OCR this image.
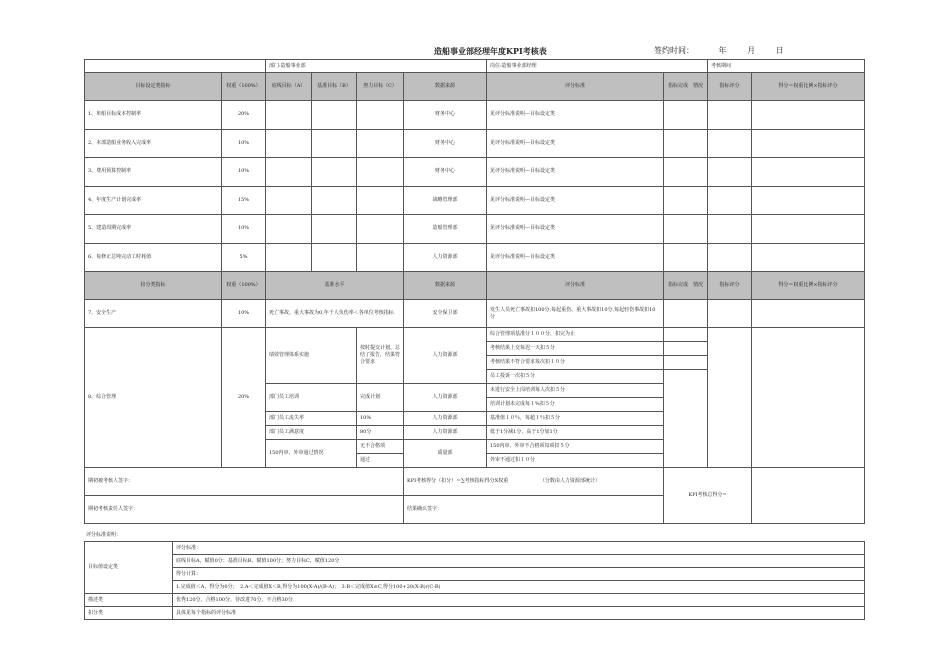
造船事业部经理年度KPI考核表	签约时间：	年	月	日
		部门:造船事业部				岗位:造船事业部经理		考核期间	
目标设定类指标	权重（100%）	底线目标（A）	基准目标（B）	努力目标（C）	数据来源	评分标准	指标完成　情况	指标评分	得分＝权重比例×指标评分
1、单船目标成本控制率	20%				财务中心	见评分标准说明—目标设定类			
2、本部造船业务收入完成率	10%				财务中心	见评分标准说明—目标设定类			
3、费用预算控制率	10%				财务中心	见评分标准说明—目标设定类			
4、年度生产计划完成率	15%				战略管理部	见评分标准说明—目标设定类			
5、建造周期完成率	10%				造船管理部	见评分标准说明—目标设定类			
6、每修正总吨完动工时耗值	5%				人力资源部	见评分标准说明—目标设定类			
扣分类指标	权重（100%）	基准水平			数据来源	评分标准	指标完成　情况	指标评分	得分＝权重比例×指标评分
7、安全生产	10%	死亡事故、重大事故为0,年千人负伤率＜各单位考核指标			安全保卫部	发生人员死亡事故扣100分,每起重伤、重大事故扣10分,每起轻伤事故扣10分			
8、综合管理	20%	绩效管理体系实施		按时提交计划、总结了报告，结果符合要求	人力资源部	综合管理项基准分１００分，扣完为止			
						考核结果上交每迟一天扣５分			
						考核结果不符合要求每次扣１０分			
						员工投诉一次扣５分			
		部门员工培训		完成计划	人力资源部	未进行安全上岗培训每人次扣５分			
						培训计划未完成每１%扣５分			
		部门员工流失率		10%	人力资源部	基准值１０％，每超１％扣５分			
		部门员工满意度		80分	人力资源部	低于1分减1分，高于1分加1分			
		150内审、外审通过情况		无不合格项	质量部	150内审、外审不合格项每项扣５分			
				通过		外审不通过扣１０分			
期初被考核人签字：					KPI考核得分（扣分）＝∑考核指标得分X权重 （分数由人力资源部统计）		KPI考核总得分=		
期初考核责任人签字：					结果确认签字：				
评分标准说明：
目标值设定类	评分标准：
	底线目标A，赋值0分；基准目标B，赋值100分；努力目标C，赋值120分
	得分计算：
	1.完成值＜A，得分为0分；　2.A＜完成值X＜B,得分为100(X-A)/(B-A)；　3.B＜完成值X≤C,得分100+20(X-B)/(C-B)
描述类	优秀120分，合格100分，待改进70分，不合格30分
扣分类	具体见每个指标的评分标准
